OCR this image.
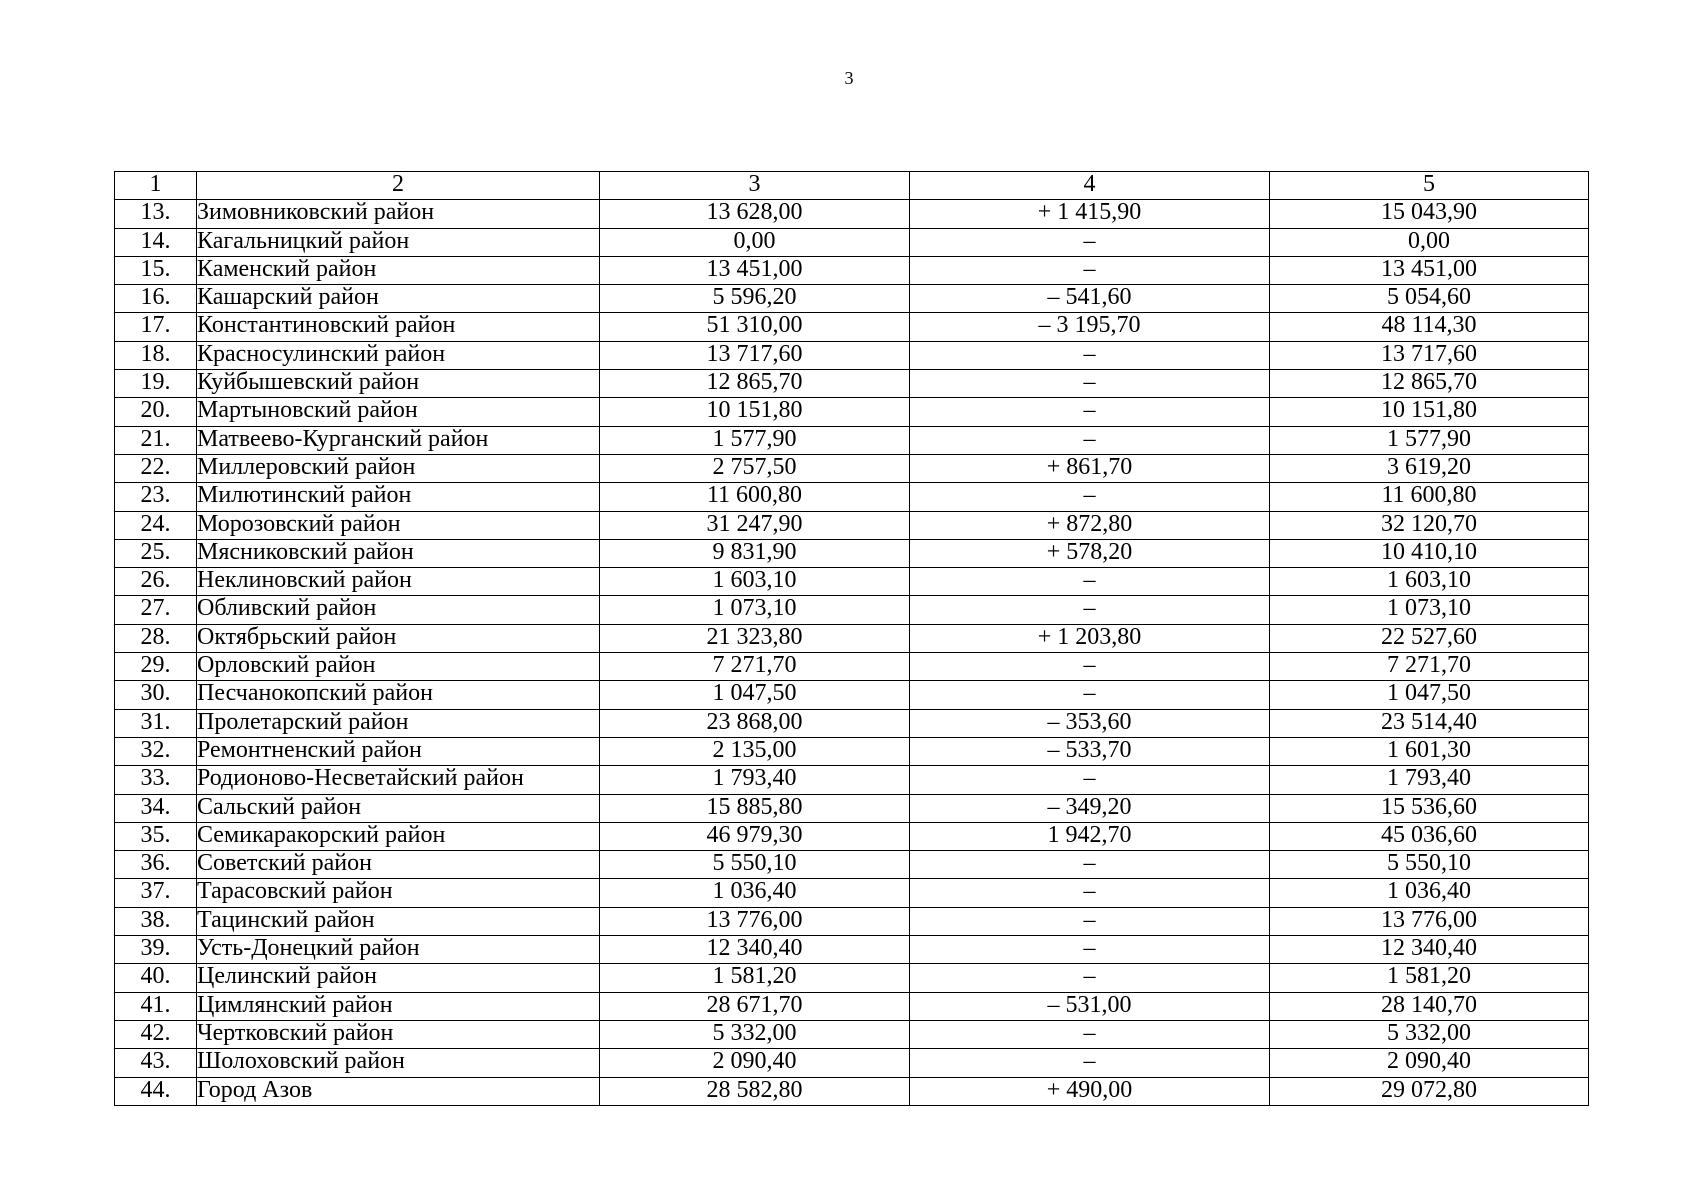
3
1	2	3	4	5
13.	Зимовниковский район	13 628,00	+ 1 415,90	15 043,90
14.	Кагальницкий район	0,00	–	0,00
15.	Каменский район	13 451,00	–	13 451,00
16.	Кашарский район	5 596,20	– 541,60	5 054,60
17.	Константиновский район	51 310,00	– 3 195,70	48 114,30
18.	Красносулинский район	13 717,60	–	13 717,60
19.	Куйбышевский район	12 865,70	–	12 865,70
20.	Мартыновский район	10 151,80	–	10 151,80
21.	Матвеево-Курганский район	1 577,90	–	1 577,90
22.	Миллеровский район	2 757,50	+ 861,70	3 619,20
23.	Милютинский район	11 600,80	–	11 600,80
24.	Морозовский район	31 247,90	+ 872,80	32 120,70
25.	Мясниковский район	9 831,90	+ 578,20	10 410,10
26.	Неклиновский район	1 603,10	–	1 603,10
27.	Обливский район	1 073,10	–	1 073,10
28.	Октябрьский район	21 323,80	+ 1 203,80	22 527,60
29.	Орловский район	7 271,70	–	7 271,70
30.	Песчанокопский район	1 047,50	–	1 047,50
31.	Пролетарский район	23 868,00	– 353,60	23 514,40
32.	Ремонтненский район	2 135,00	– 533,70	1 601,30
33.	Родионово-Несветайский район	1 793,40	–	1 793,40
34.	Сальский район	15 885,80	– 349,20	15 536,60
35.	Семикаракорский район	46 979,30	1 942,70	45 036,60
36.	Советский район	5 550,10	–	5 550,10
37.	Тарасовский район	1 036,40	–	1 036,40
38.	Тацинский район	13 776,00	–	13 776,00
39.	Усть-Донецкий район	12 340,40	–	12 340,40
40.	Целинский район	1 581,20	–	1 581,20
41.	Цимлянский район	28 671,70	– 531,00	28 140,70
42.	Чертковский район	5 332,00	–	5 332,00
43.	Шолоховский район	2 090,40	–	2 090,40
44.	Город Азов	28 582,80	+ 490,00	29 072,80
